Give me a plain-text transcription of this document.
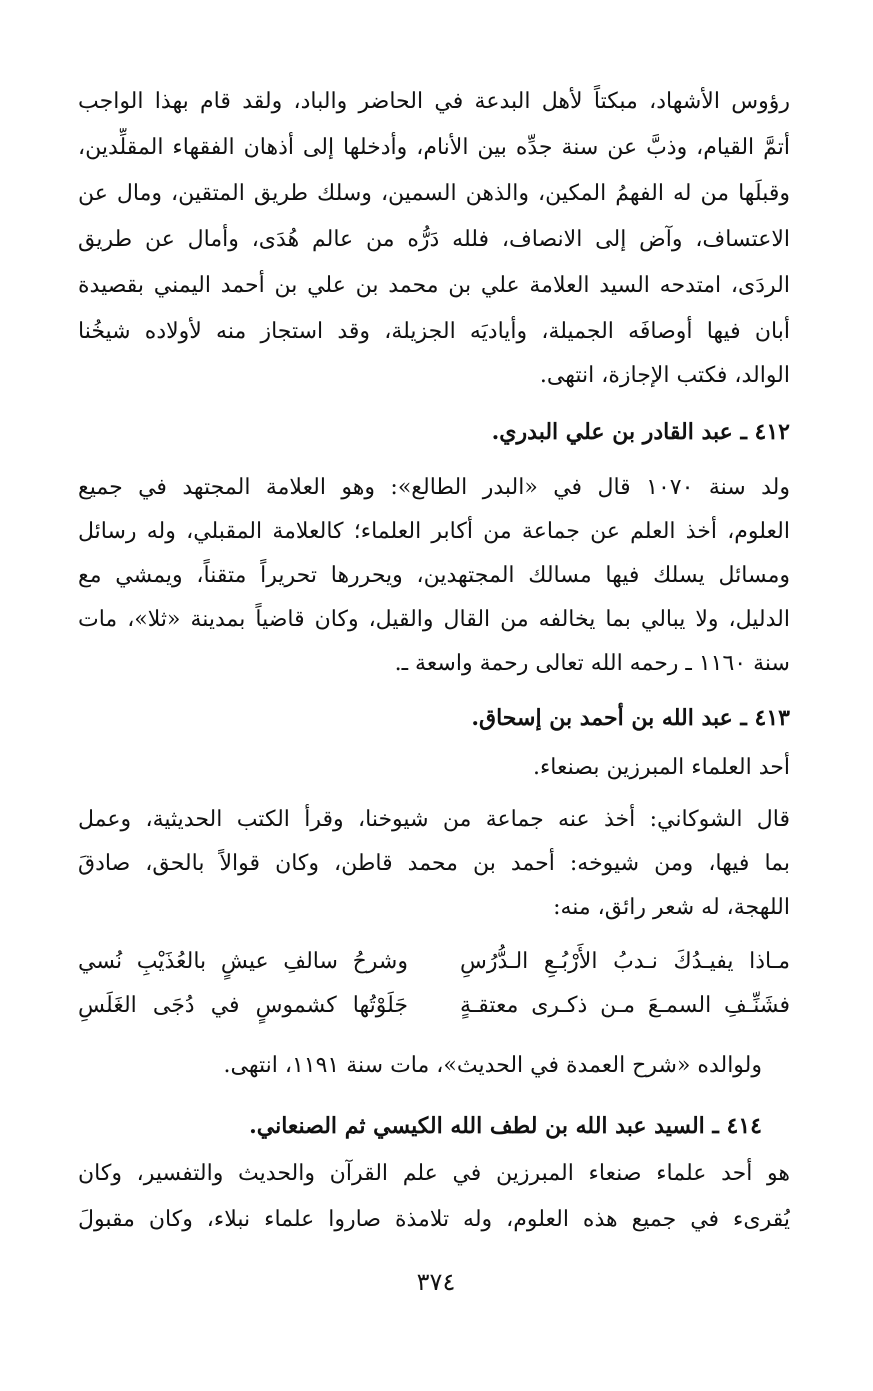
رؤوس الأشهاد، مبكتاً لأهل البدعة في الحاضر والباد، ولقد قام بهذا الواجب
أتمَّ القيام، وذبَّ عن سنة جدِّه بين الأنام، وأدخلها إلى أذهان الفقهاء المقلِّدين،
وقبلَها من له الفهمُ المكين، والذهن السمين، وسلك طريق المتقين، ومال عن
الاعتساف، وآض إلى الانصاف، فلله دَرُّه من عالم هُدَى، وأمال عن طريق
الردَى، امتدحه السيد العلامة علي بن محمد بن علي بن أحمد اليمني بقصيدة
أبان فيها أوصافَه الجميلة، وأياديَه الجزيلة، وقد استجاز منه لأولاده شيخُنا
الوالد، فكتب الإجازة، انتهى.
٤١٢ ـ عبد القادر بن علي البدري.
ولد سنة ١٠٧٠ قال في «البدر الطالع»: وهو العلامة المجتهد في جميع
العلوم، أخذ العلم عن جماعة من أكابر العلماء؛ كالعلامة المقبلي، وله رسائل
ومسائل يسلك فيها مسالك المجتهدين، ويحررها تحريراً متقناً، ويمشي مع
الدليل، ولا يبالي بما يخالفه من القال والقيل، وكان قاضياً بمدينة «ثلا»، مات
سنة ١١٦٠ ـ رحمه الله تعالى رحمة واسعة ـ.
٤١٣ ـ عبد الله بن أحمد بن إسحاق.
أحد العلماء المبرزين بصنعاء.
قال الشوكاني: أخذ عنه جماعة من شيوخنا، وقرأ الكتب الحديثية، وعمل
بما فيها، ومن شيوخه: أحمد بن محمد قاطن، وكان قوالاً بالحق، صادقَ
اللهجة، له شعر رائق، منه:
مـاذا يفيـدُكَ نـدبُ الأَرْبُـعِ الـدُّرُسِ
وشرحُ سالفِ عيشٍ بالعُذَيْبِ نُسي
فشَنِّـفِ السمـعَ مـن ذكـرى معتقـةٍ
جَلَوْتُها كشموسٍ في دُجَى الغَلَسِ
ولوالده «شرح العمدة في الحديث»، مات سنة ١١٩١، انتهى.
٤١٤ ـ السيد عبد الله بن لطف الله الكيسي ثم الصنعاني.
هو أحد علماء صنعاء المبرزين في علم القرآن والحديث والتفسير، وكان
يُقرىء في جميع هذه العلوم، وله تلامذة صاروا علماء نبلاء، وكان مقبولَ
٣٧٤
